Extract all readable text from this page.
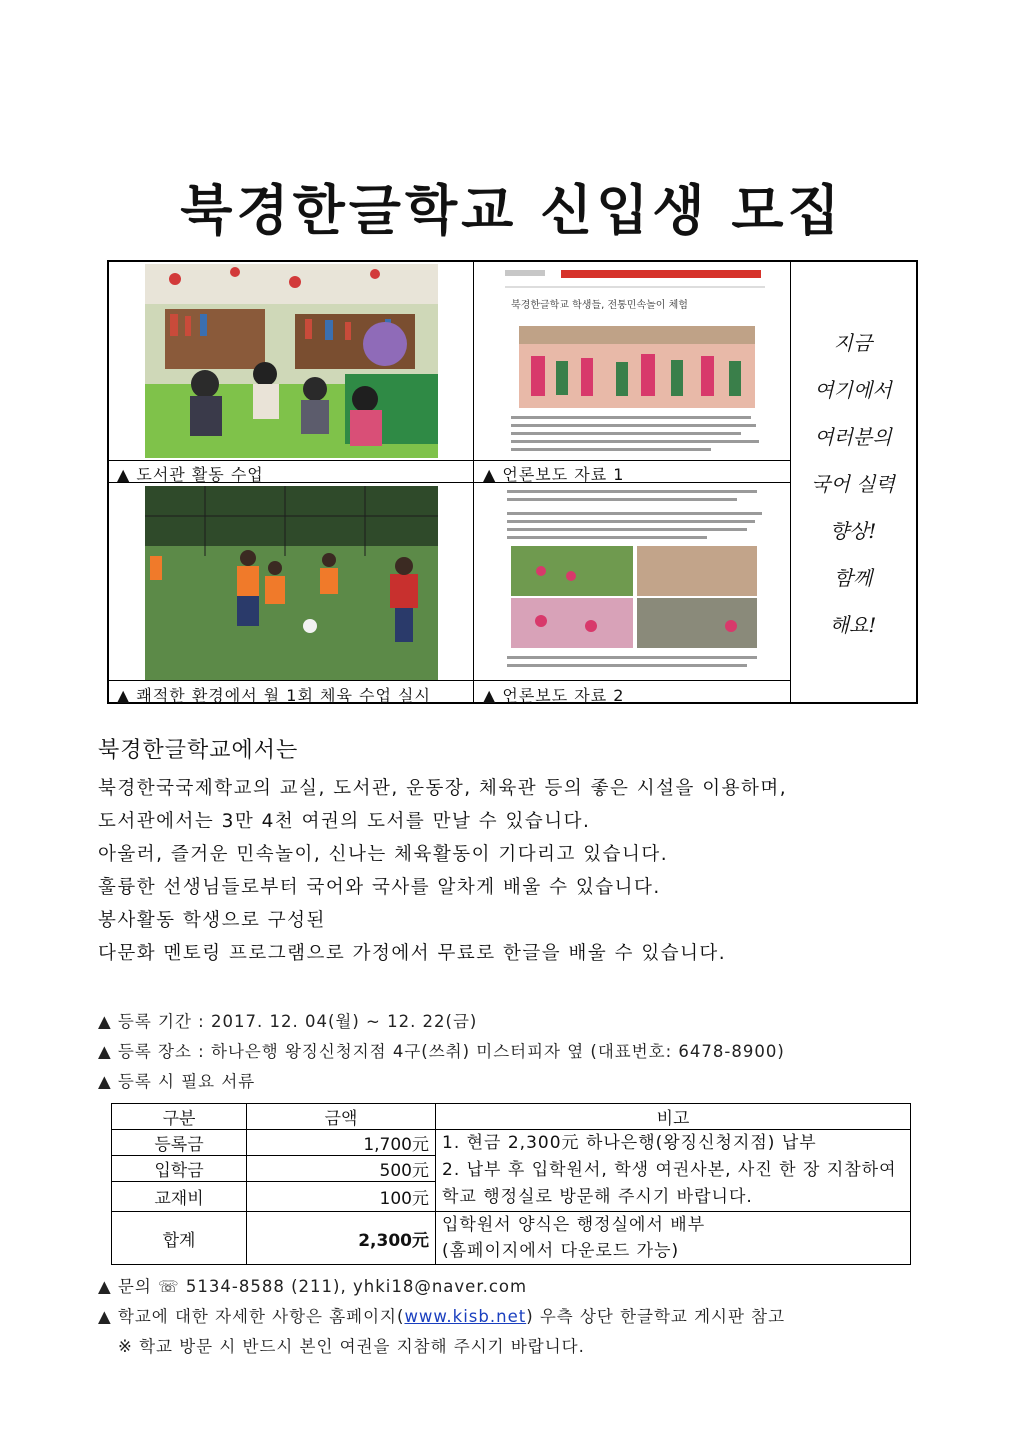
북경한글학교 신입생 모집
▲ 도서관 활동 수업
북경한글학교 학생들, 전통민속놀이 체험
▲ 언론보도 자료 1
▲ 쾌적한 환경에서 월 1회 체육 수업 실시	▲ 언론보도 자료 2
지금
여기에서
여러분의
국어 실력
향상!
함께
해요!
북경한글학교에서는
북경한국국제학교의 교실, 도서관, 운동장, 체육관 등의 좋은 시설을 이용하며,
도서관에서는 3만 4천 여권의 도서를 만날 수 있습니다.
아울러, 즐거운 민속놀이, 신나는 체육활동이 기다리고 있습니다.
훌륭한 선생님들로부터 국어와 국사를 알차게 배울 수 있습니다.
봉사활동 학생으로 구성된
다문화 멘토링 프로그램으로 가정에서 무료로 한글을 배울 수 있습니다.
▲ 등록 기간 : 2017. 12. 04(월) ~ 12. 22(금)
▲ 등록 장소 : 하나은행 왕징신청지점 4구(쓰취) 미스터피자 옆 (대표번호: 6478-8900)
▲ 등록 시 필요 서류
구분	금액	비고
등록금	1,700元	1. 현금 2,300元 하나은행(왕징신청지점) 납부
2. 납부 후 입학원서, 학생 여권사본, 사진 한 장 지참하여 학교 행정실로 방문해 주시기 바랍니다.

입학금	500元	
교재비	100元	
합계	2,300元	입학원서 양식은 행정실에서 배부
(홈페이지에서 다운로드 가능)
▲ 문의 ☏ 5134-8588 (211), yhki18@naver.com
▲ 학교에 대한 자세한 사항은 홈페이지(www.kisb.net) 우측 상단 한글학교 게시판 참고
※ 학교 방문 시 반드시 본인 여권을 지참해 주시기 바랍니다.
